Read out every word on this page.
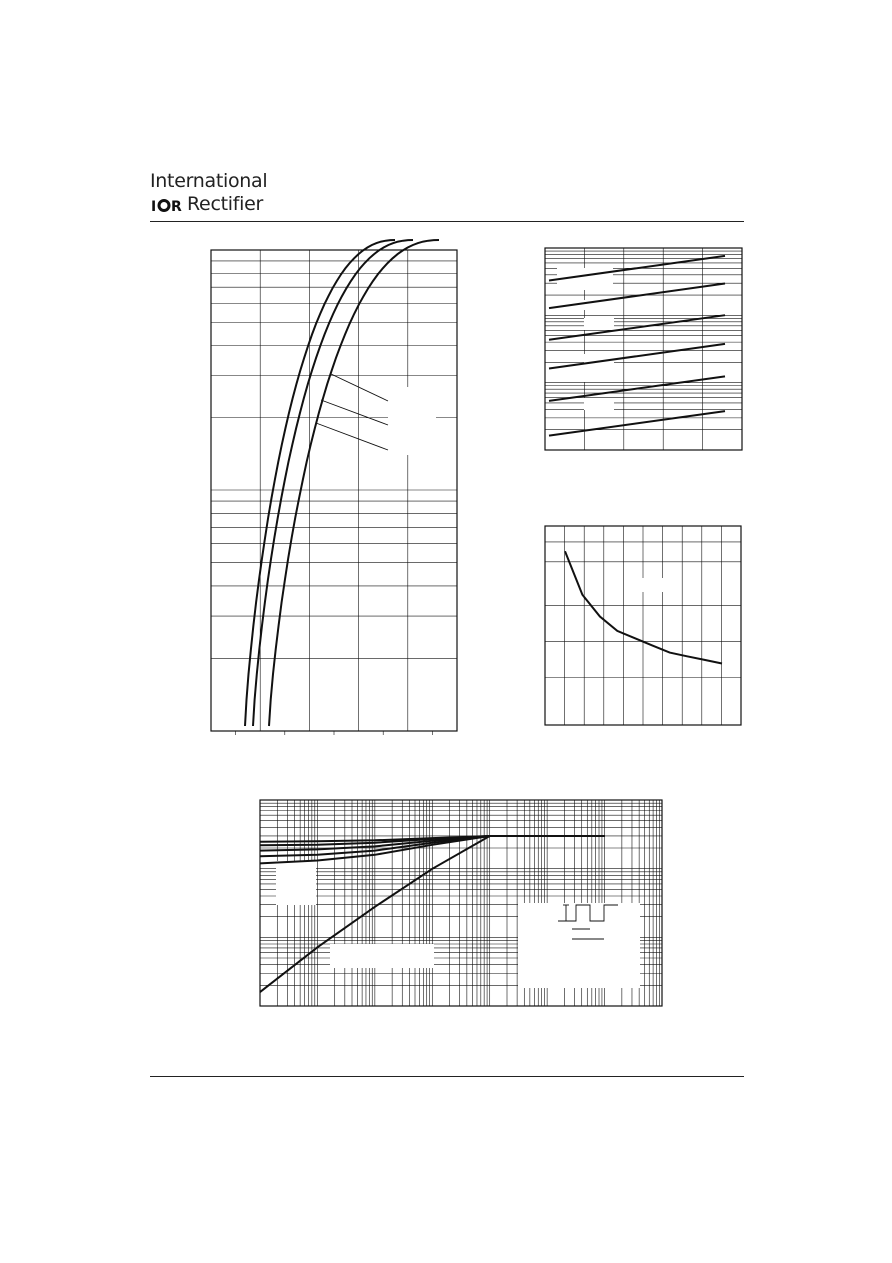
International
I R Rectifier
